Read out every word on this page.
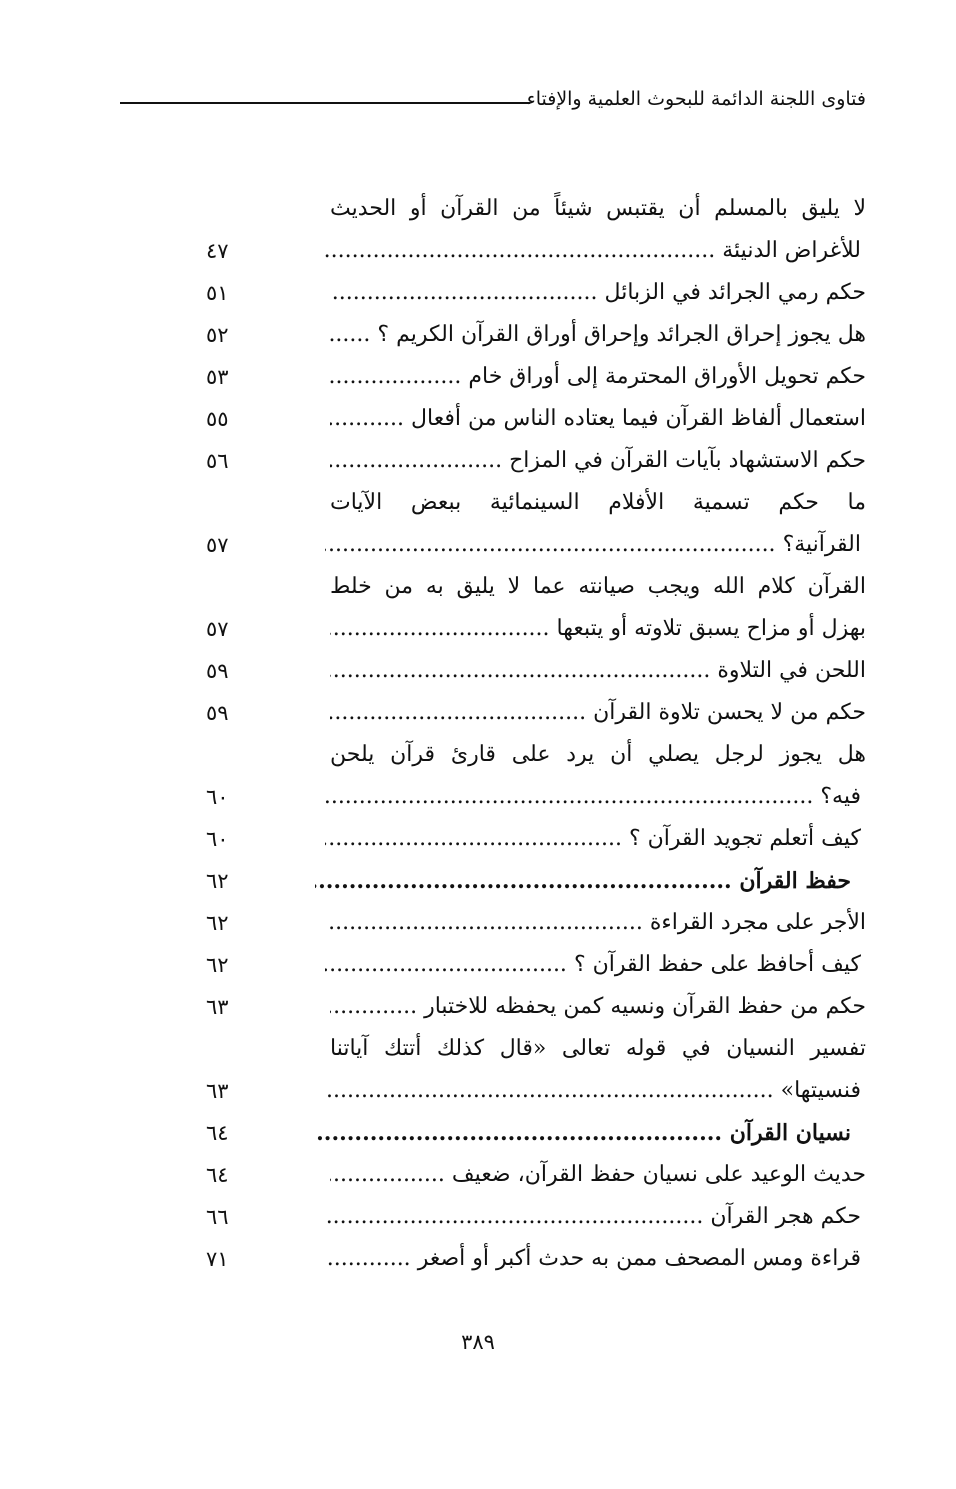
فتاوى اللجنة الدائمة للبحوث العلمية والإفتاء
لا يليق بالمسلم أن يقتبس شيئاً من القرآن أو الحديث
للأغراض الدنيئة .....
٤٧
حكم رمي الجرائد في الزبائل .....
٥١
هل يجوز إحراق الجرائد وإحراق أوراق القرآن الكريم ؟ .....
٥٢
حكم تحويل الأوراق المحترمة إلى أوراق خام .....
٥٣
استعمال ألفاظ القرآن فيما يعتاده الناس من أفعال .....
٥٥
حكم الاستشهاد بآيات القرآن في المزاح .....
٥٦
ما حكم تسمية الأفلام السينمائية ببعض الآيات
القرآنية؟ .....
٥٧
القرآن كلام الله ويجب صيانته عما لا يليق به من خلط
بهزل أو مزاح يسبق تلاوته أو يتبعها .....
٥٧
اللحن في التلاوة .....
٥٩
حكم من لا يحسن تلاوة القرآن .....
٥٩
هل يجوز لرجل يصلي أن يرد على قارئ قرآن يلحن
فيه؟ .....
٦٠
كيف أتعلم تجويد القرآن ؟ .....
٦٠
حفظ القرآن .....
٦٢
الأجر على مجرد القراءة .....
٦٢
كيف أحافظ على حفظ القرآن ؟ .....
٦٢
حكم من حفظ القرآن ونسيه كمن يحفظه للاختبار .....
٦٣
تفسير النسيان في قوله تعالى «قال كذلك أتتك آياتنا
فنسيتها» .....
٦٣
نسيان القرآن .....
٦٤
حديث الوعيد على نسيان حفظ القرآن، ضعيف .....
٦٤
حكم هجر القرآن .....
٦٦
قراءة ومس المصحف ممن به حدث أكبر أو أصغر .....
٧١
٣٨٩
